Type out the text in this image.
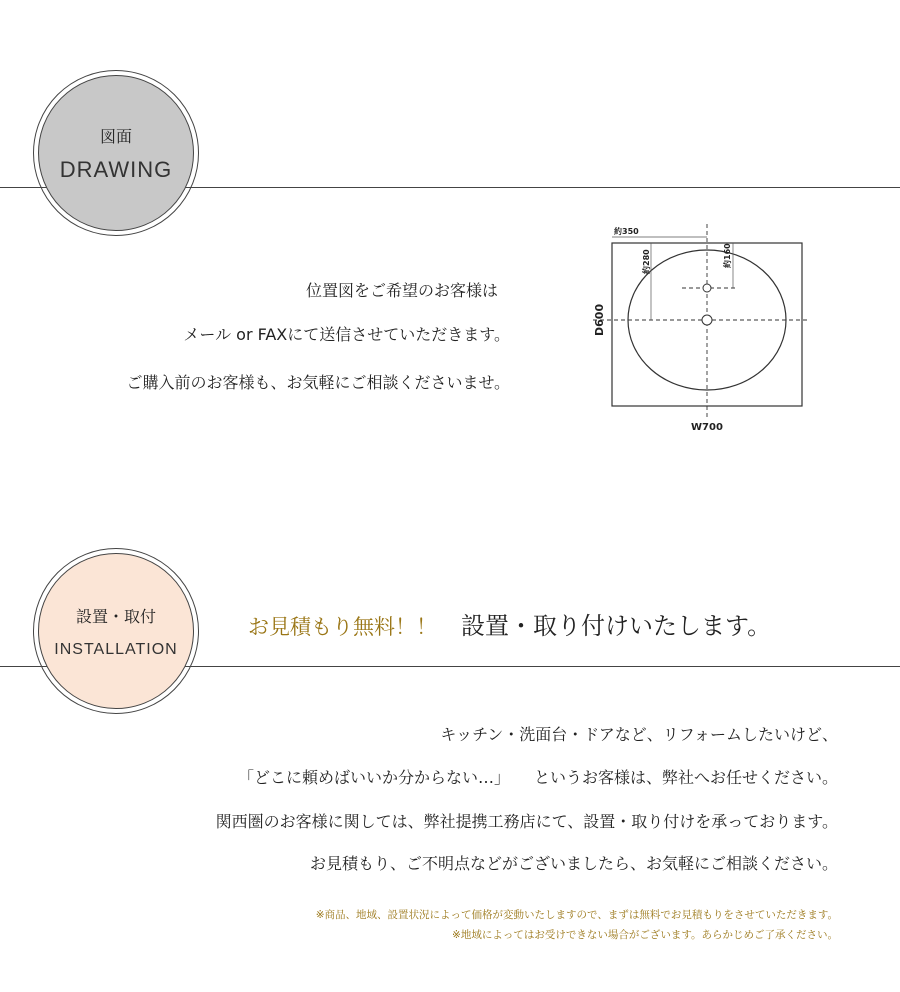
図面
DRAWING
位置図をご希望のお客様は
メール or FAXにて送信させていただきます。
ご購入前のお客様も、お気軽にご相談くださいませ。
約350
約280	約160
D600
W700
設置・取付
INSTALLATION
お見積もり無料！！ 設置・取り付けいたします。
キッチン・洗面台・ドアなど、リフォームしたいけど、
「どこに頼めばいいか分からない…」　　というお客様は、弊社へお任せください。
関西圏のお客様に関しては、弊社提携工務店にて、設置・取り付けを承っております。
お見積もり、ご不明点などがございましたら、お気軽にご相談ください。
※商品、地域、設置状況によって価格が変動いたしますので、まずは無料でお見積もりをさせていただきます。
※地域によってはお受けできない場合がございます。あらかじめご了承ください。
